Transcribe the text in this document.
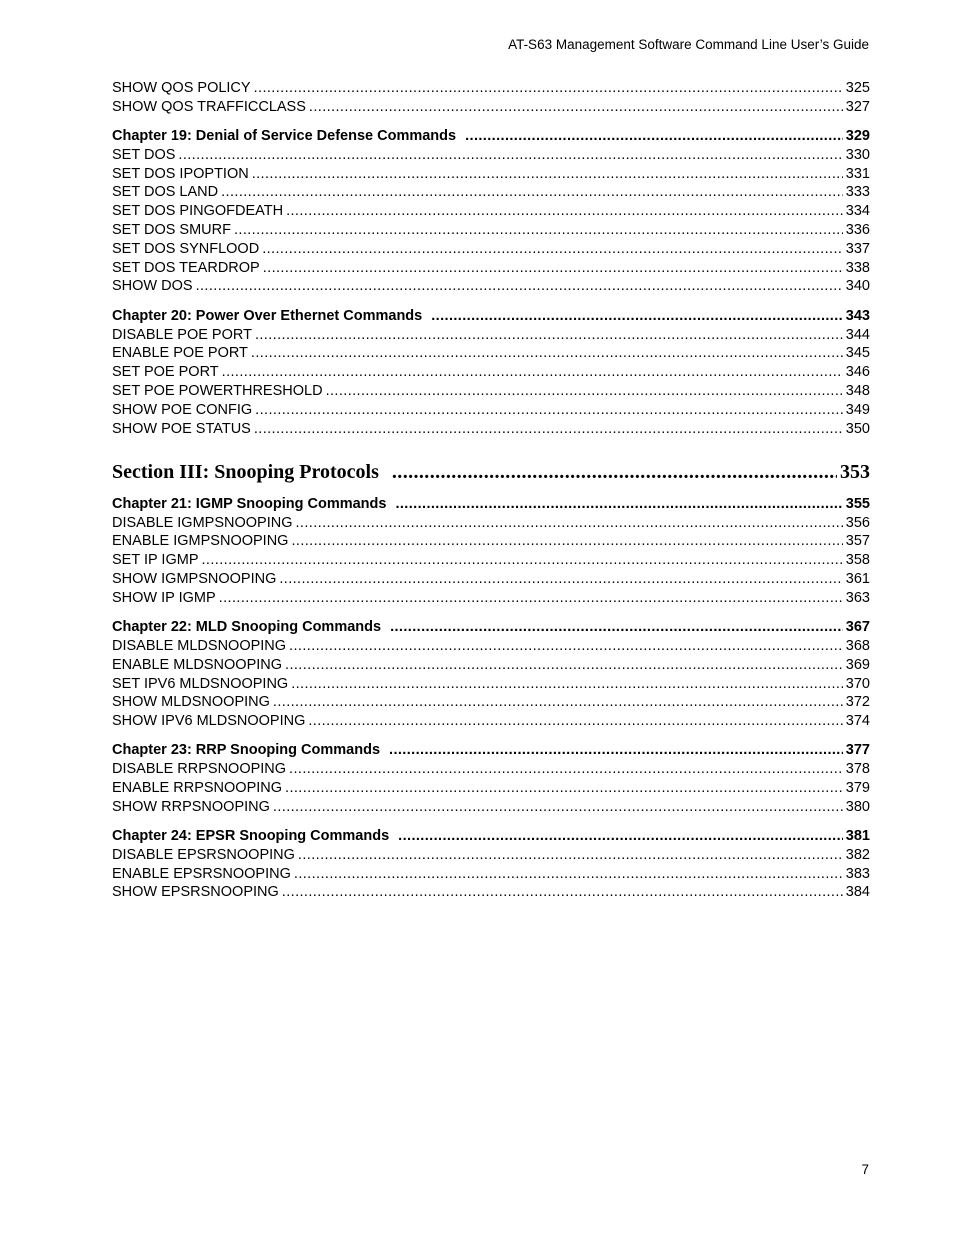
AT-S63 Management Software Command Line User’s Guide
SHOW QOS POLICY .....	325
SHOW QOS TRAFFICCLASS .....	327
Chapter 19: Denial of Service Defense Commands .....	329
SET DOS .....	330
SET DOS IPOPTION .....	331
SET DOS LAND .....	333
SET DOS PINGOFDEATH .....	334
SET DOS SMURF .....	336
SET DOS SYNFLOOD .....	337
SET DOS TEARDROP .....	338
SHOW DOS .....	340
Chapter 20: Power Over Ethernet Commands .....	343
DISABLE POE PORT .....	344
ENABLE POE PORT .....	345
SET POE PORT .....	346
SET POE POWERTHRESHOLD .....	348
SHOW POE CONFIG .....	349
SHOW POE STATUS .....	350
Section III: Snooping Protocols .....	353
Chapter 21: IGMP Snooping Commands .....	355
DISABLE IGMPSNOOPING .....	356
ENABLE IGMPSNOOPING .....	357
SET IP IGMP .....	358
SHOW IGMPSNOOPING .....	361
SHOW IP IGMP .....	363
Chapter 22: MLD Snooping Commands .....	367
DISABLE MLDSNOOPING .....	368
ENABLE MLDSNOOPING .....	369
SET IPV6 MLDSNOOPING .....	370
SHOW MLDSNOOPING .....	372
SHOW IPV6 MLDSNOOPING .....	374
Chapter 23: RRP Snooping Commands .....	377
DISABLE RRPSNOOPING .....	378
ENABLE RRPSNOOPING .....	379
SHOW RRPSNOOPING .....	380
Chapter 24: EPSR Snooping Commands .....	381
DISABLE EPSRSNOOPING .....	382
ENABLE EPSRSNOOPING .....	383
SHOW EPSRSNOOPING .....	384
7
